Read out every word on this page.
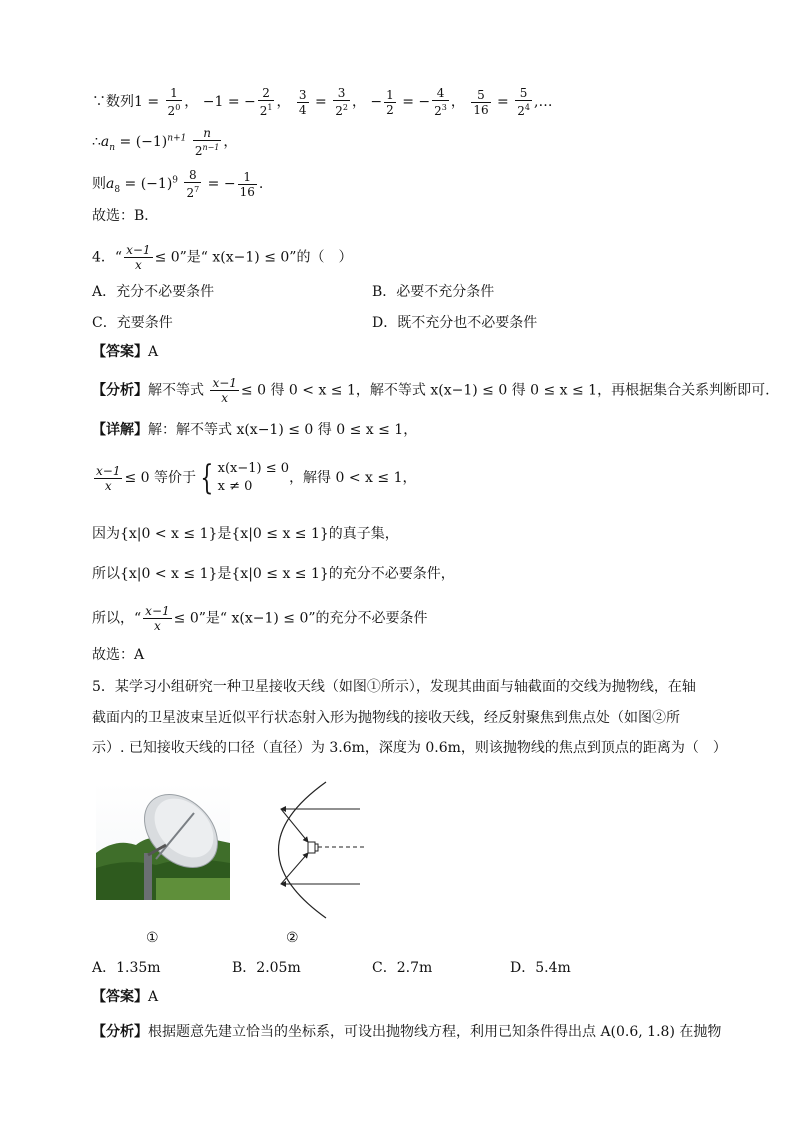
∵数列$1 = \frac{1}{2^0}$ ， −1 = − $\frac{2}{2^1}$ ， $\frac{3}{4} = \frac{3}{2^2}$ ， − $\frac{1}{2}$ = − $\frac{4}{2^3}$ ， $\frac{5}{16} = \frac{5}{2^4}$ ,…
$\therefore a_n = (-1)^{n+1} \frac{n}{2^{n-1}}$ ，
则$a_8 = (-1)^9 \frac{8}{2^7}$ = − $\frac{1}{16}$ .
故选：B．
4．“ $\frac{x-1}{x} \le 0$”是“ x(x−1) ≤ 0”的（　）
A．充分不必要条件	B．必要不充分条件
C．充要条件	D．既不充分也不必要条件
【答案】A
【分析】解不等式 $\frac{x-1}{x} \le 0$ 得 0 < x ≤ 1，解不等式 x(x−1) ≤ 0 得 0 ≤ x ≤ 1，再根据集合关系判断即可.
【详解】解：解不等式 x(x−1) ≤ 0 得 0 ≤ x ≤ 1，
$\frac{x-1}{x} \le 0$ 等价于 { x(x−1) ≤ 0
x ≠ 0，解得 0 < x ≤ 1，
因为{x|0 < x ≤ 1}是{x|0 ≤ x ≤ 1}的真子集，
所以{x|0 < x ≤ 1}是{x|0 ≤ x ≤ 1}的充分不必要条件，
所以，“ $\frac{x-1}{x} \le 0$”是“ x(x−1) ≤ 0”的充分不必要条件
故选：A
5．某学习小组研究一种卫星接收天线（如图①所示），发现其曲面与轴截面的交线为抛物线，在轴
截面内的卫星波束呈近似平行状态射入形为抛物线的接收天线，经反射聚焦到焦点处（如图②所
示）. 已知接收天线的口径（直径）为 3.6m，深度为 0.6m，则该抛物线的焦点到顶点的距离为（　）
①	②
A．1.35m	B．2.05m	C．2.7m	D．5.4m
【答案】A
【分析】根据题意先建立恰当的坐标系，可设出抛物线方程，利用已知条件得出点 A(0.6, 1.8) 在抛物
